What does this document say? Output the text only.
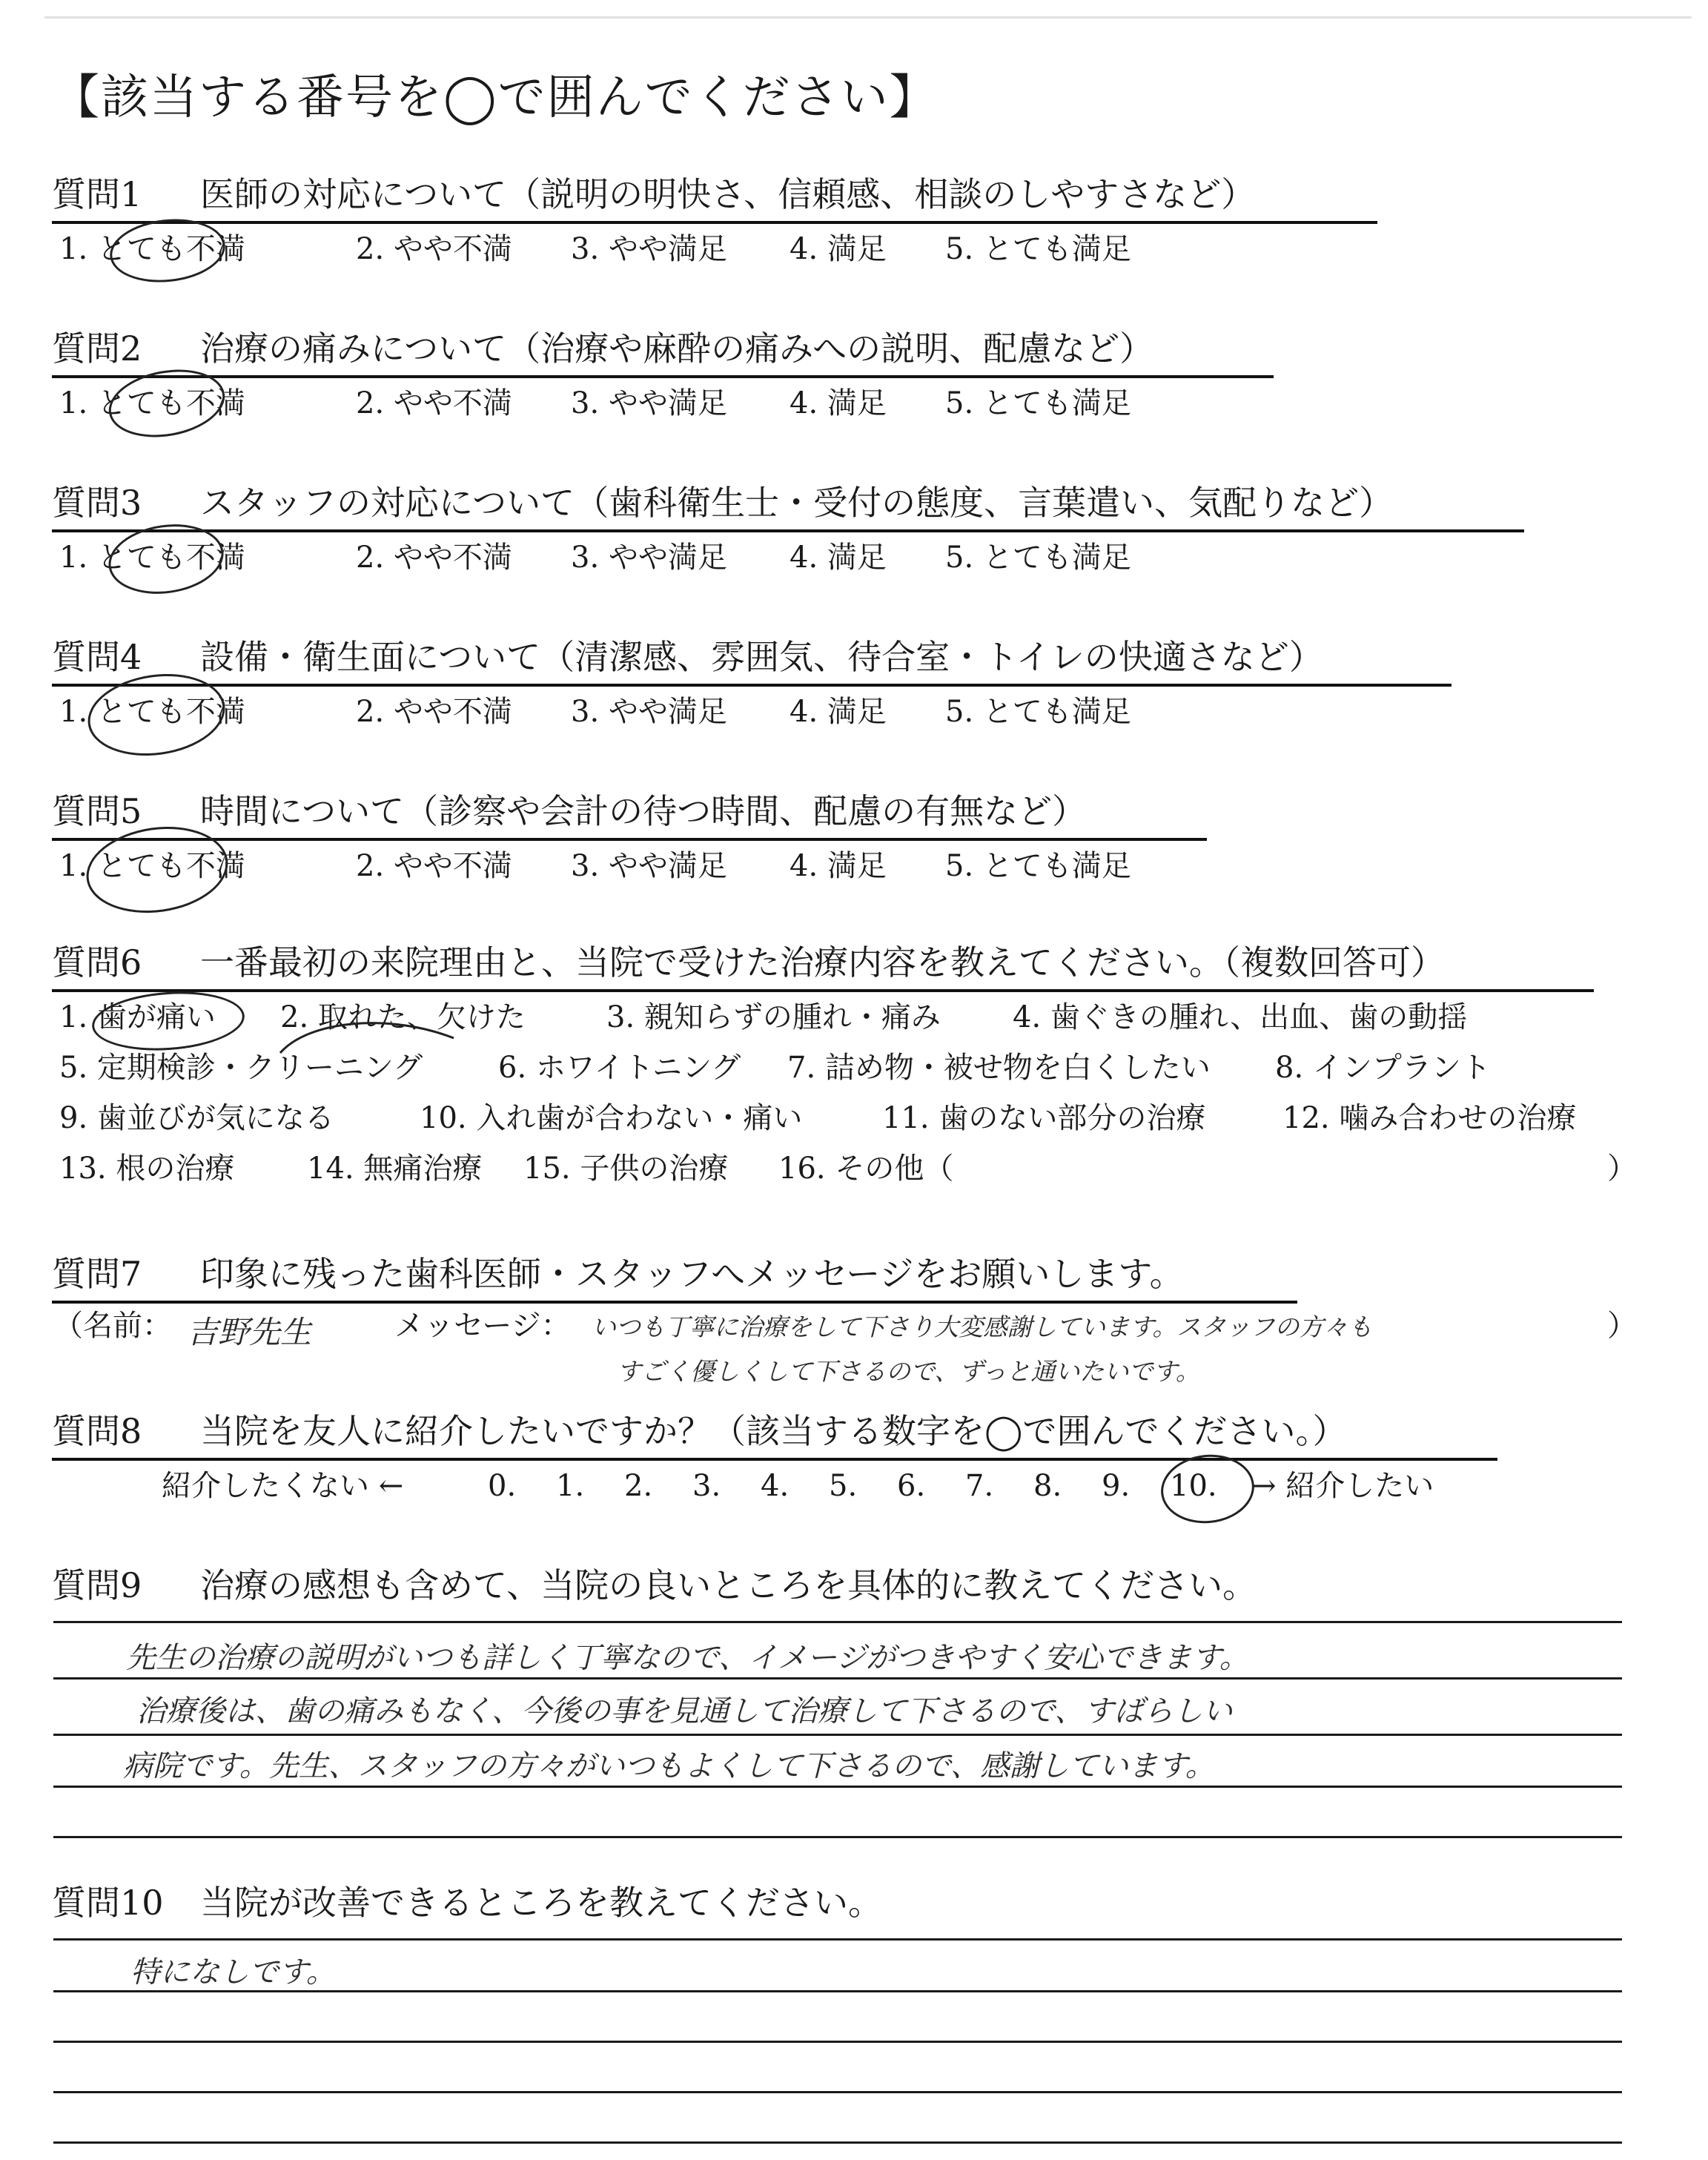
【該当する番号を◯で囲んでください】
質問1 医師の対応について（説明の明快さ、信頼感、相談のしやすさなど）
1. とても不満	2. やや不満 3. やや満足 4. 満足 5. とても満足
質問2 治療の痛みについて（治療や麻酔の痛みへの説明、配慮など）
1. とても不満	2. やや不満 3. やや満足 4. 満足 5. とても満足
質問3 スタッフの対応について（歯科衛生士・受付の態度、言葉遣い、気配りなど）
1. とても不満	2. やや不満 3. やや満足 4. 満足 5. とても満足
質問4 設備・衛生面について（清潔感、雰囲気、待合室・トイレの快適さなど）
1. とても不満	2. やや不満 3. やや満足 4. 満足 5. とても満足
質問5 時間について（診察や会計の待つ時間、配慮の有無など）
1. とても不満	2. やや不満 3. やや満足 4. 満足 5. とても満足
質問6 一番最初の来院理由と、当院で受けた治療内容を教えてください。（複数回答可）
1. 歯が痛い 2. 取れた、欠けた	3. 親知らずの腫れ・痛み 4. 歯ぐきの腫れ、出血、歯の動揺
5. 定期検診・クリーニング	6. ホワイトニング 7. 詰め物・被せ物を白くしたい 8. インプラント
9. 歯並びが気になる	10. 入れ歯が合わない・痛い	11. 歯のない部分の治療	12. 噛み合わせの治療
13. 根の治療 14. 無痛治療 15. 子供の治療 16. その他（	）
質問7 印象に残った歯科医師・スタッフへメッセージをお願いします。
（名前： 吉野先生	メッセージ： いつも丁寧に治療をして下さり大変感謝しています。スタッフの方々も
すごく優しくして下さるので、ずっと通いたいです。
）
質問8 当院を友人に紹介したいですか？（該当する数字を◯で囲んでください。）
紹介したくない ←	0. 1. 2. 3. 4. 5. 6. 7. 8. 9. 10. → 紹介したい
質問9 治療の感想も含めて、当院の良いところを具体的に教えてください。
先生の治療の説明がいつも詳しく丁寧なので、イメージがつきやすく安心できます。
治療後は、歯の痛みもなく、今後の事を見通して治療して下さるので、すばらしい
病院です。先生、スタッフの方々がいつもよくして下さるので、感謝しています。
質問10 当院が改善できるところを教えてください。
特になしです。
